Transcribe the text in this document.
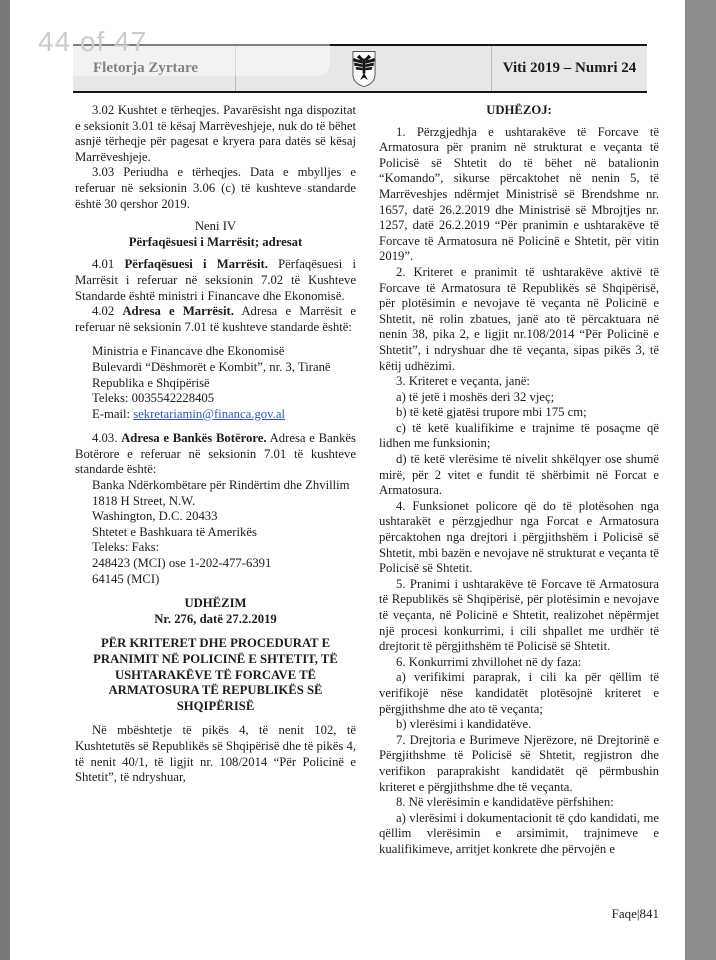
44 of 47
Fletorja Zyrtare	Viti 2019 – Numri 24

3.02 Kushtet e tërheqjes. Pavarësisht nga dispozitat e seksionit 3.01 të kësaj Marrëveshjeje, nuk do të bëhet asnjë tërheqje për pagesat e kryera para datës së kësaj Marrëveshjeje.

3.03 Periudha e tërheqjes. Data e mbylljes e referuar në seksionin 3.06 (c) të kushteve standarde është 30 qershor 2019.

Neni IV

Përfaqësuesi i Marrësit; adresat

4.01 Përfaqësuesi i Marrësit. Përfaqësuesi i Marrësit i referuar në seksionin 7.02 të Kushteve Standarde është ministri i Financave dhe Ekonomisë.

4.02 Adresa e Marrësit. Adresa e Marrësit e referuar në seksionin 7.01 të kushteve standarde është:

Ministria e Financave dhe Ekonomisë

Bulevardi “Dëshmorët e Kombit”, nr. 3, Tiranë

Republika e Shqipërisë

Teleks: 0035542228405

E-mail: sekretariamin@financa.gov.al

4.03. Adresa e Bankës Botërore. Adresa e Bankës Botërore e referuar në seksionin 7.01 të kushteve standarde është:

Banka Ndërkombëtare për Rindërtim dhe Zhvillim

1818 H Street, N.W.

Washington, D.C. 20433

Shtetet e Bashkuara të Amerikës

Teleks: Faks:

248423 (MCI) ose 1-202-477-6391

64145 (MCI)

UDHËZIM

Nr. 276, datë 27.2.2019

PËR KRITERET DHE PROCEDURAT E PRANIMIT NË POLICINË E SHTETIT, TË USHTARAKËVE TË FORCAVE TË ARMATOSURA TË REPUBLIKËS SË SHQIPËRISË

Në mbështetje të pikës 4, të nenit 102, të Kushtetutës së Republikës së Shqipërisë dhe të pikës 4, të nenit 40/1, të ligjit nr. 108/2014 “Për Policinë e Shtetit”, të ndryshuar,

UDHËZOJ:

1. Përzgjedhja e ushtarakëve të Forcave të Armatosura për pranim në strukturat e veçanta të Policisë së Shtetit do të bëhet në batalionin “Komando”, sikurse përcaktohet në nenin 5, të Marrëveshjes ndërmjet Ministrisë së Brendshme nr. 1657, datë 26.2.2019 dhe Ministrisë së Mbrojtjes nr. 1257, datë 26.2.2019 “Për pranimin e ushtarakëve të Forcave të Armatosura në Policinë e Shtetit, për vitin 2019”.

2. Kriteret e pranimit të ushtarakëve aktivë të Forcave të Armatosura të Republikës së Shqipërisë, për plotësimin e nevojave të veçanta në Policinë e Shtetit, në rolin zbatues, janë ato të përcaktuara në nenin 38, pika 2, e ligjit nr.108/2014 “Për Policinë e Shtetit”, i ndryshuar dhe të veçanta, sipas pikës 3, të këtij udhëzimi.

3. Kriteret e veçanta, janë:

a) të jetë i moshës deri 32 vjeç;

b) të ketë gjatësi trupore mbi 175 cm;

c) të ketë kualifikime e trajnime të posaçme që lidhen me funksionin;

d) të ketë vlerësime të nivelit shkëlqyer ose shumë mirë, për 2 vitet e fundit të shërbimit në Forcat e Armatosura.

4. Funksionet policore që do të plotësohen nga ushtarakët e përzgjedhur nga Forcat e Armatosura përcaktohen nga drejtori i përgjithshëm i Policisë së Shtetit, mbi bazën e nevojave në strukturat e veçanta të Policisë së Shtetit.

5. Pranimi i ushtarakëve të Forcave të Armatosura të Republikës së Shqipërisë, për plotësimin e nevojave të veçanta, në Policinë e Shtetit, realizohet nëpërmjet një procesi konkurrimi, i cili shpallet me urdhër të drejtorit të përgjithshëm të Policisë së Shtetit.

6. Konkurrimi zhvillohet në dy faza:

a) verifikimi paraprak, i cili ka për qëllim të verifikojë nëse kandidatët plotësojnë kriteret e përgjithshme dhe ato të veçanta;

b) vlerësimi i kandidatëve.

7. Drejtoria e Burimeve Njerëzore, në Drejtorinë e Përgjithshme të Policisë së Shtetit, regjistron dhe verifikon paraprakisht kandidatët që përmbushin kriteret e përgjithshme dhe të veçanta.

8. Në vlerësimin e kandidatëve përfshihen:

a) vlerësimi i dokumentacionit të çdo kandidati, me qëllim vlerësimin e arsimimit, trajnimeve e kualifikimeve, arritjet konkrete dhe përvojën e

Faqe|841
